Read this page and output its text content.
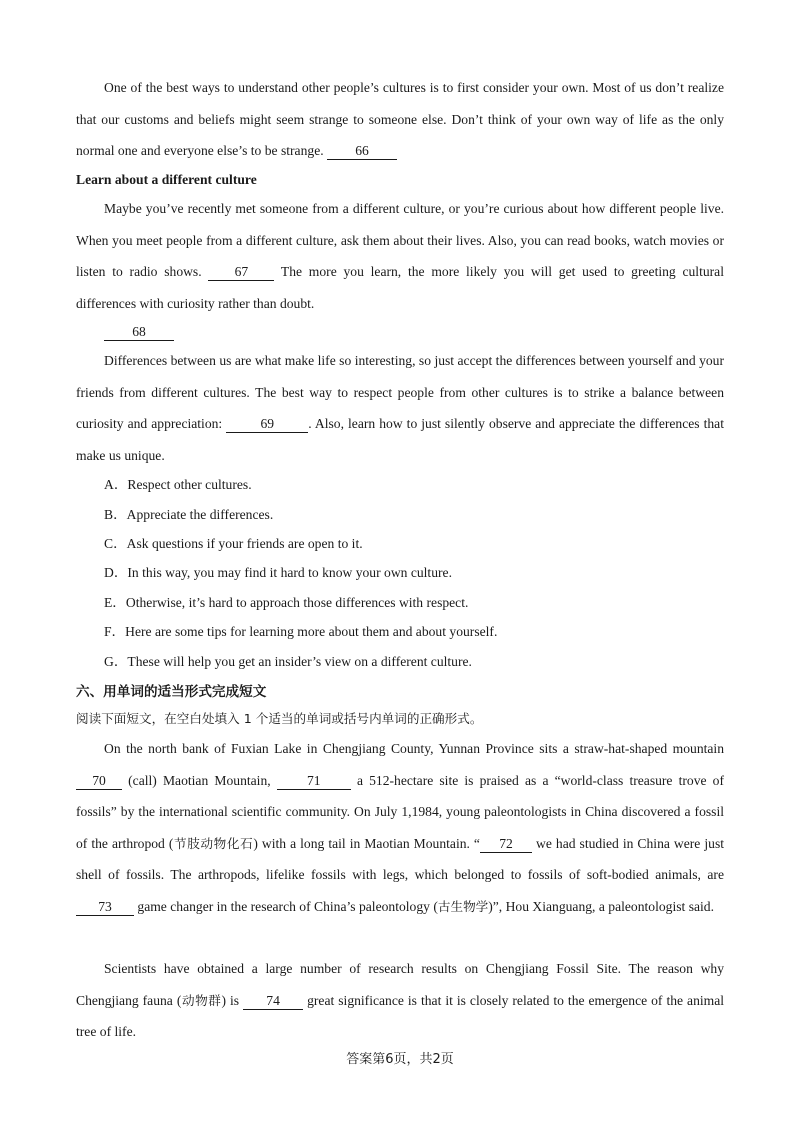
One of the best ways to understand other people’s cultures is to first consider your own. Most of us don’t realize that our customs and beliefs might seem strange to someone else. Don’t think of your own way of life as the only normal one and everyone else’s to be strange. 66

Learn about a different culture

Maybe you’ve recently met someone from a different culture, or you’re curious about how different people live. When you meet people from a different culture, ask them about their lives. Also, you can read books, watch movies or listen to radio shows. 67 The more you learn, the more likely you will get used to greeting cultural differences with curiosity rather than doubt.

68

Differences between us are what make life so interesting, so just accept the differences between yourself and your friends from different cultures. The best way to respect people from other cultures is to strike a balance between curiosity and appreciation:	69	. Also, learn how to just silently observe and appreciate the differences that make us unique.

A．Respect other cultures.

B．Appreciate the differences.

C．Ask questions if your friends are open to it.

D．In this way, you may find it hard to know your own culture.

E．Otherwise, it’s hard to approach those differences with respect.

F．Here are some tips for learning more about them and about yourself.

G．These will help you get an insider’s view on a different culture.

六、用单词的适当形式完成短文

阅读下面短文，在空白处填入 1 个适当的单词或括号内单词的正确形式。

On the north bank of Fuxian Lake in Chengjiang County, Yunnan Province sits a straw-hat-shaped mountain 70 (call) Maotian Mountain,	71	a 512-hectare site is praised as a “world-class treasure trove of fossils” by the international scientific community. On July 1,1984, young paleontologists in China discovered a fossil of the arthropod (节肢动物化石) with a long tail in Maotian Mountain. “ 72 we had studied in China were just shell of fossils. The arthropods, lifelike fossils with legs, which belonged to fossils of soft-bodied animals, are 73 game changer in the research of China’s paleontology (古生物学)”, Hou Xianguang, a paleontologist said.

Scientists have obtained a large number of research results on Chengjiang Fossil Site. The reason why Chengjiang fauna (动物群) is 74 great significance is that it is closely related to the emergence of the animal tree of life.

答案第6页，共2页
